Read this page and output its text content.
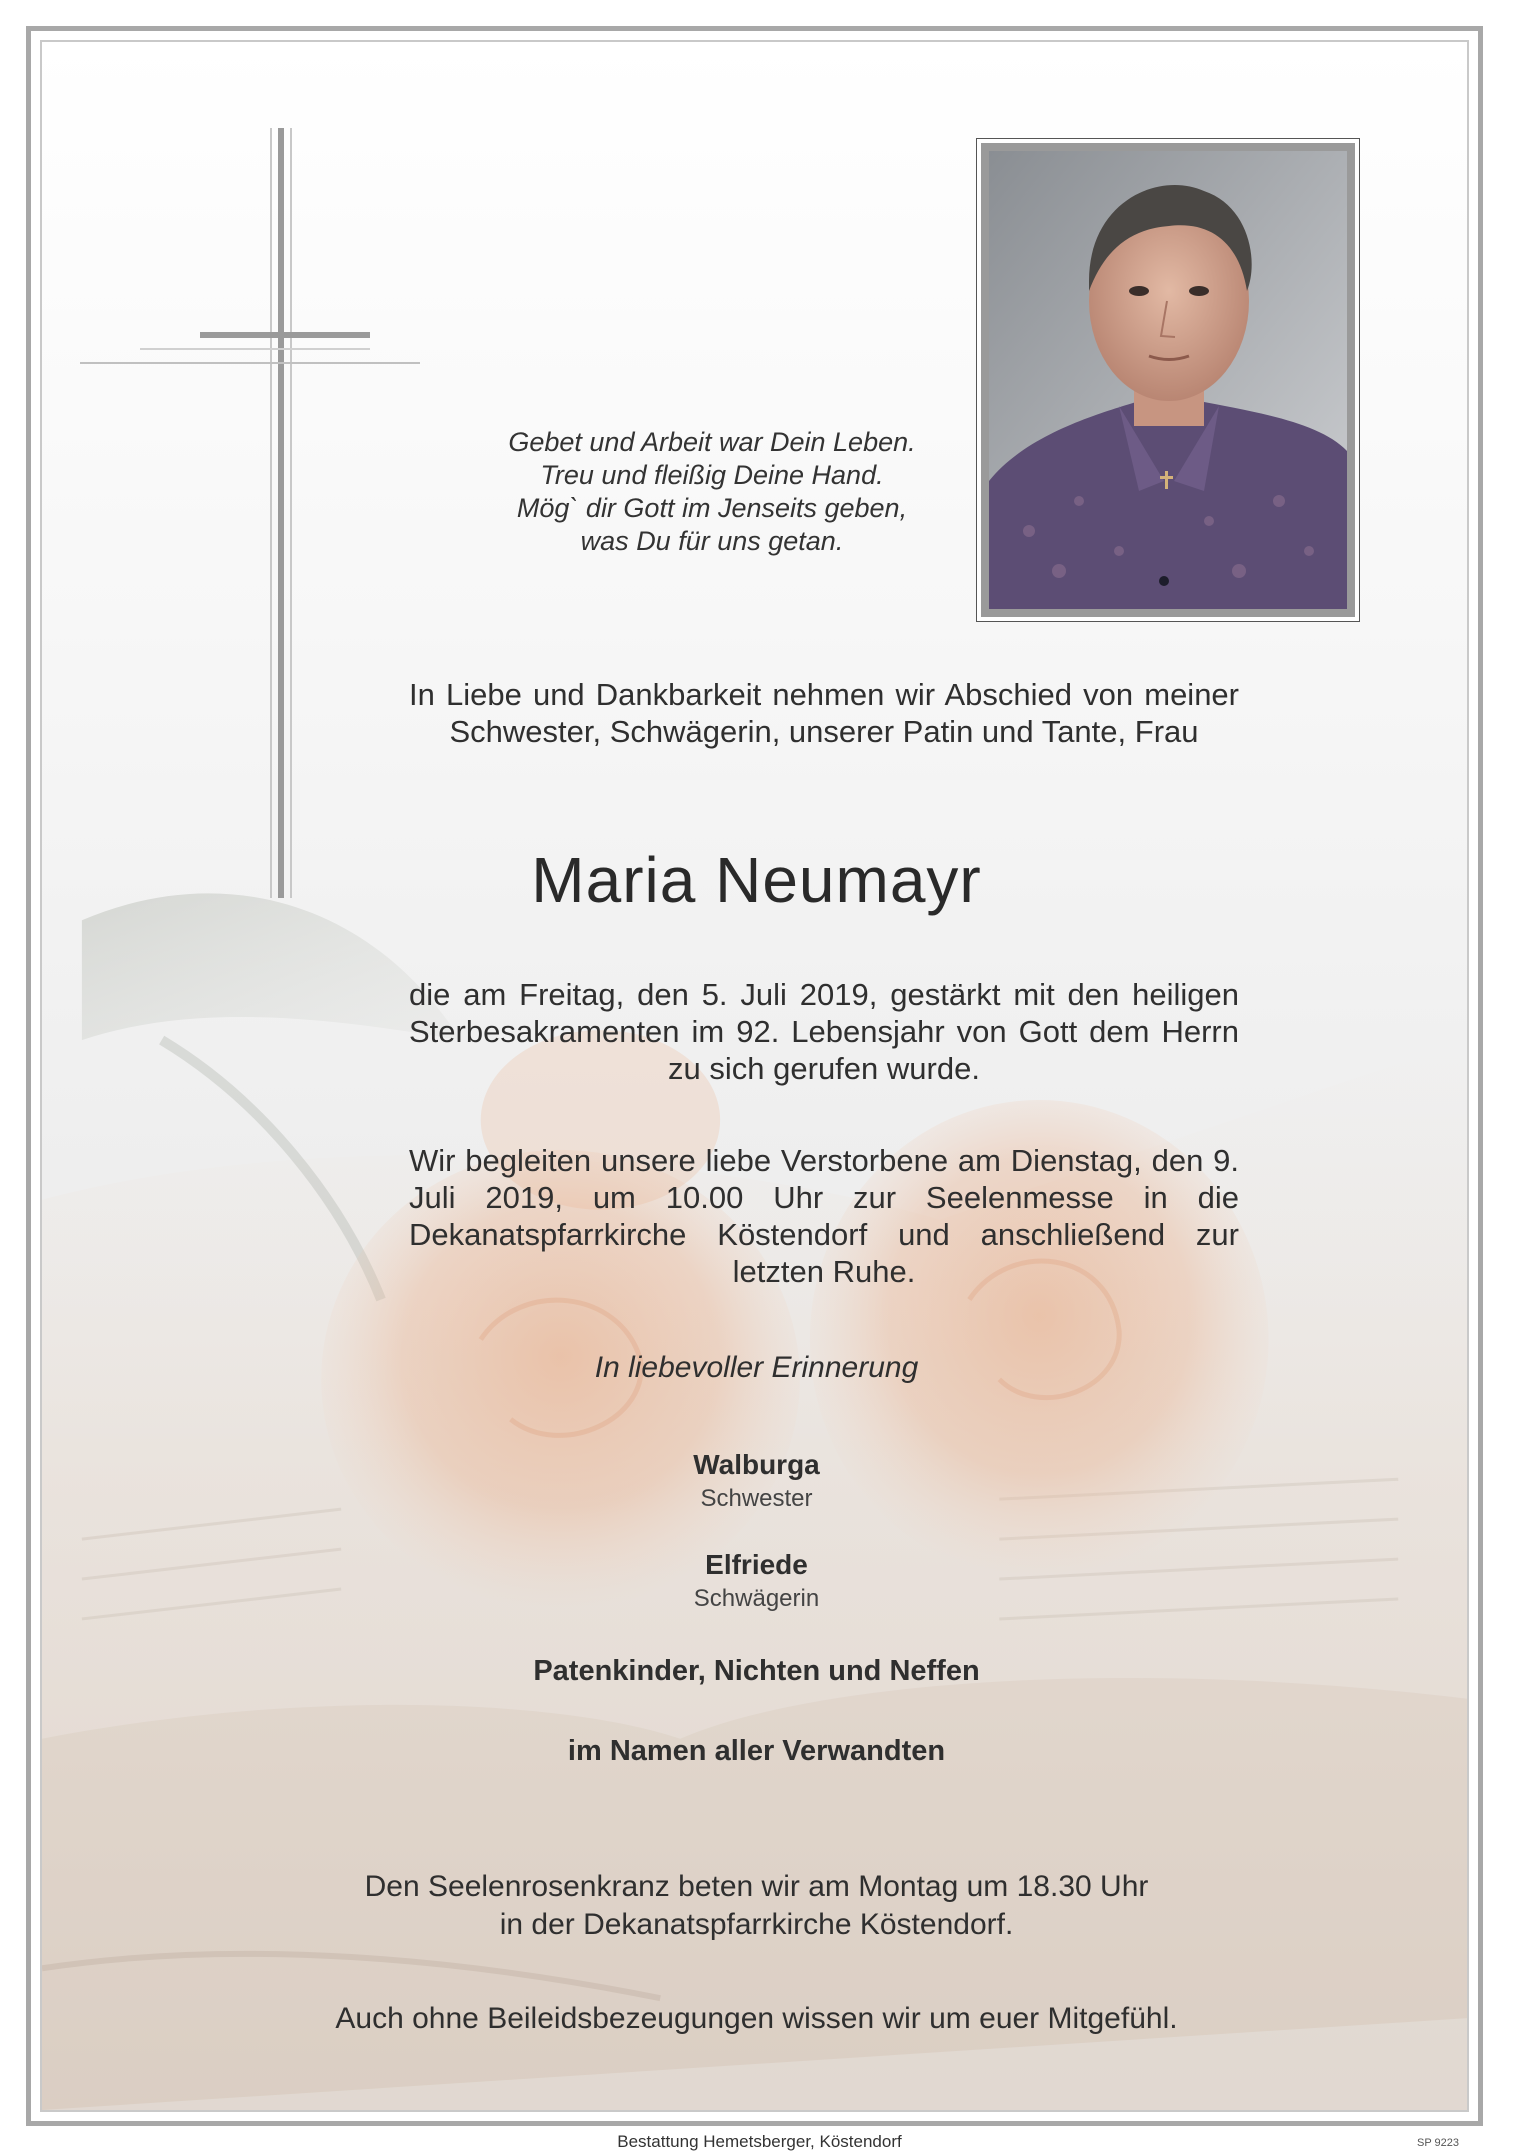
Gebet und Arbeit war Dein Leben.
Treu und fleißig Deine Hand.
Mög` dir Gott im Jenseits geben,
was Du für uns getan.
In Liebe und Dankbarkeit nehmen wir Abschied von meiner Schwester, Schwägerin, unserer Patin und Tante, Frau
Maria Neumayr
die am Freitag, den 5. Juli 2019, gestärkt mit den heiligen Sterbesakramenten im 92. Lebensjahr von Gott dem Herrn zu sich gerufen wurde.
Wir begleiten unsere liebe Verstorbene am Dienstag, den 9. Juli 2019, um 10.00 Uhr zur Seelenmesse in die Dekanatspfarrkirche Köstendorf und anschließend zur letzten Ruhe.
In liebevoller Erinnerung
Walburga
Schwester
Elfriede
Schwägerin
Patenkinder, Nichten und Neffen
im Namen aller Verwandten
Den Seelenrosenkranz beten wir am Montag um 18.30 Uhr
in der Dekanatspfarrkirche Köstendorf.
Auch ohne Beileidsbezeugungen wissen wir um euer Mitgefühl.
Bestattung Hemetsberger, Köstendorf	SP 9223
